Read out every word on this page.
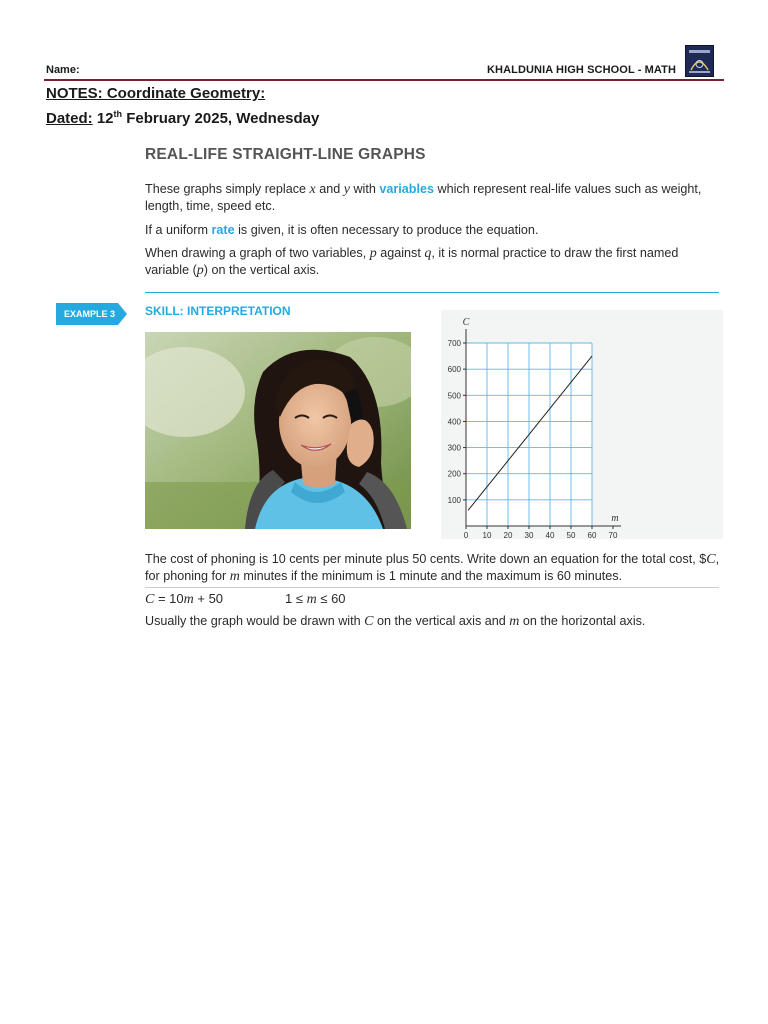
Name:	KHALDUNIA HIGH SCHOOL - MATH
NOTES: Coordinate Geometry:
Dated: 12th February 2025, Wednesday
REAL-LIFE STRAIGHT-LINE GRAPHS
These graphs simply replace x and y with variables which represent real-life values such as weight, length, time, speed etc.
If a uniform rate is given, it is often necessary to produce the equation.
When drawing a graph of two variables, p against q, it is normal practice to draw the first named variable (p) on the vertical axis.
EXAMPLE 3 SKILL: INTERPRETATION
0 10 20 30 40 50 60 70
100
200
300
400
500
600
700
C
m
The cost of phoning is 10 cents per minute plus 50 cents. Write down an equation for the total cost, $C, for phoning for m minutes if the minimum is 1 minute and the maximum is 60 minutes.
C = 10m + 50	1 ≤ m ≤ 60
Usually the graph would be drawn with C on the vertical axis and m on the horizontal axis.
